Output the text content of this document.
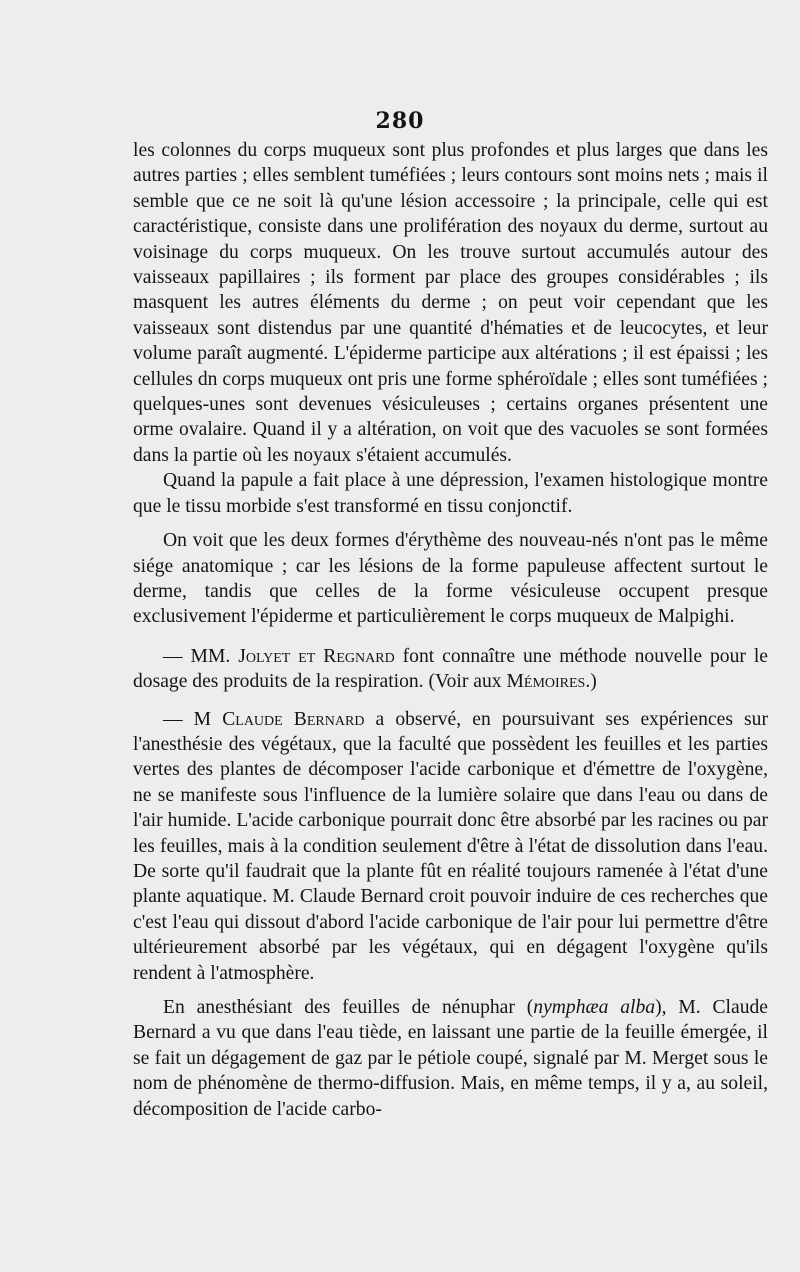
280

les colonnes du corps muqueux sont plus profondes et plus larges que dans les autres parties ; elles semblent tuméfiées ; leurs contours sont moins nets ; mais il semble que ce ne soit là qu'une lésion accessoire ; la principale, celle qui est caractéristique, consiste dans une prolifération des noyaux du derme, surtout au voisinage du corps muqueux. On les trouve surtout accumulés autour des vaisseaux papillaires ; ils forment par place des groupes considérables ; ils masquent les autres éléments du derme ; on peut voir cependant que les vaisseaux sont distendus par une quantité d'hématies et de leucocytes, et leur volume paraît augmenté. L'épiderme participe aux altérations ; il est épaissi ; les cellules dn corps muqueux ont pris une forme sphéroïdale ; elles sont tuméfiées ; quelques-unes sont devenues vésiculeuses ; certains organes présentent une orme ovalaire. Quand il y a altération, on voit que des vacuoles se sont formées dans la partie où les noyaux s'étaient accumulés.

Quand la papule a fait place à une dépression, l'examen histologique montre que le tissu morbide s'est transformé en tissu conjonctif.

On voit que les deux formes d'érythème des nouveau-nés n'ont pas le même siége anatomique ; car les lésions de la forme papuleuse affectent surtout le derme, tandis que celles de la forme vésiculeuse occupent presque exclusivement l'épiderme et particulièrement le corps muqueux de Malpighi.

— MM. Jolyet et Regnard font connaître une méthode nouvelle pour le dosage des produits de la respiration. (Voir aux Mémoires.)

— M Claude Bernard a observé, en poursuivant ses expériences sur l'anesthésie des végétaux, que la faculté que possèdent les feuilles et les parties vertes des plantes de décomposer l'acide carbonique et d'émettre de l'oxygène, ne se manifeste sous l'influence de la lumière solaire que dans l'eau ou dans de l'air humide. L'acide carbonique pourrait donc être absorbé par les racines ou par les feuilles, mais à la condition seulement d'être à l'état de dissolution dans l'eau. De sorte qu'il faudrait que la plante fût en réalité toujours ramenée à l'état d'une plante aquatique. M. Claude Bernard croit pouvoir induire de ces recherches que c'est l'eau qui dissout d'abord l'acide carbonique de l'air pour lui permettre d'être ultérieurement absorbé par les végétaux, qui en dégagent l'oxygène qu'ils rendent à l'atmosphère.

En anesthésiant des feuilles de nénuphar (nymphæa alba), M. Claude Bernard a vu que dans l'eau tiède, en laissant une partie de la feuille émergée, il se fait un dégagement de gaz par le pétiole coupé, signalé par M. Merget sous le nom de phénomène de thermo-diffusion. Mais, en même temps, il y a, au soleil, décomposition de l'acide carbo-
